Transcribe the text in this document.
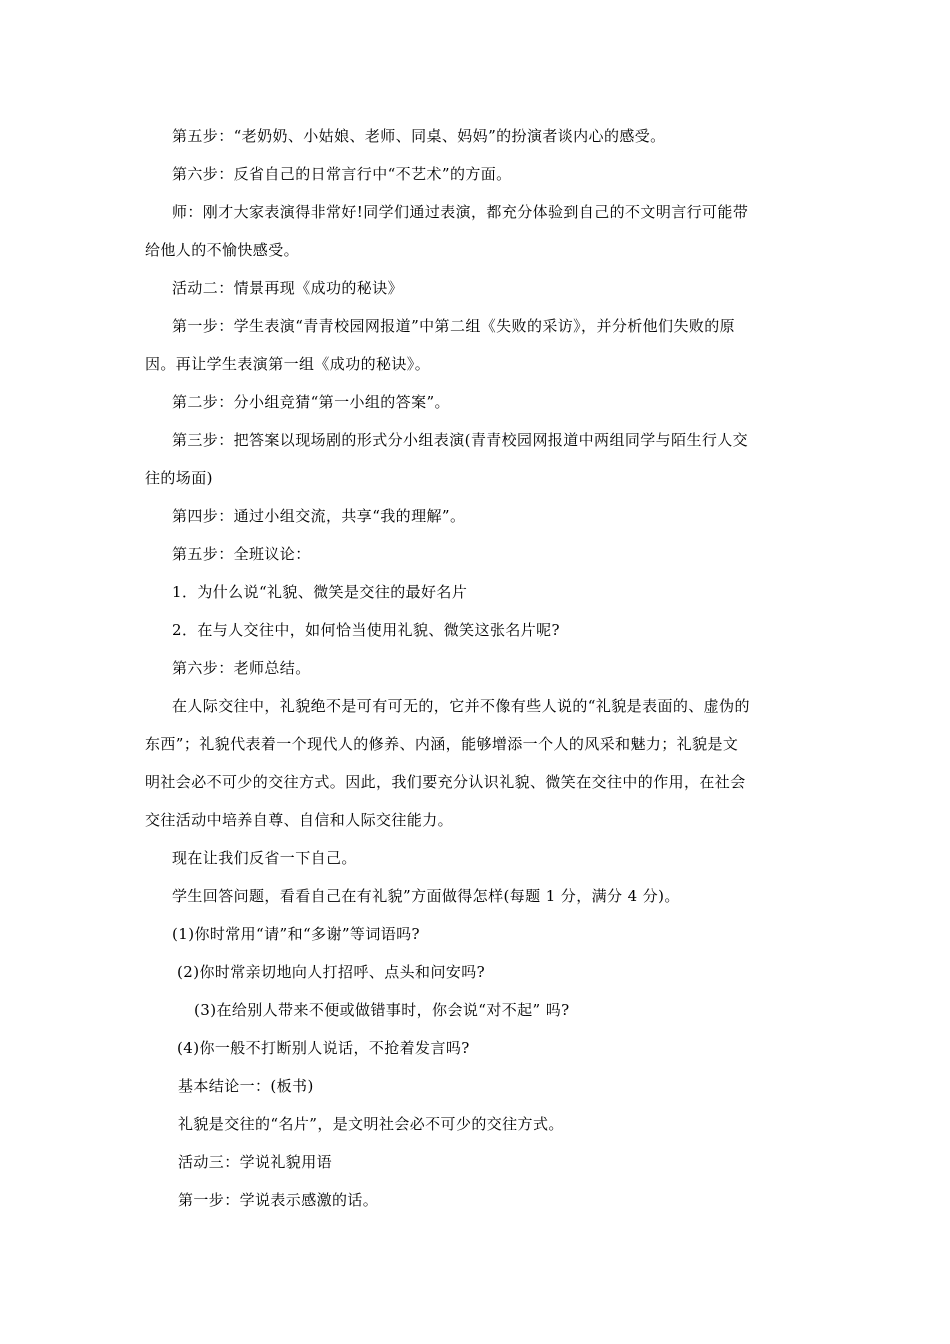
第五步：“老奶奶、小姑娘、老师、同桌、妈妈”的扮演者谈内心的感受。
第六步：反省自己的日常言行中“不艺术”的方面。
师：刚才大家表演得非常好!同学们通过表演，都充分体验到自己的不文明言行可能带
给他人的不愉快感受。
活动二：情景再现《成功的秘诀》
第一步：学生表演“青青校园网报道”中第二组《失败的采访》，并分析他们失败的原
因。再让学生表演第一组《成功的秘诀》。
第二步：分小组竞猜“第一小组的答案”。
第三步：把答案以现场剧的形式分小组表演(青青校园网报道中两组同学与陌生行人交
往的场面)
第四步：通过小组交流，共享“我的理解”。
第五步：全班议论：
1．为什么说“礼貌、微笑是交往的最好名片
2．在与人交往中，如何恰当使用礼貌、微笑这张名片呢?
第六步：老师总结。
在人际交往中，礼貌绝不是可有可无的，它并不像有些人说的“礼貌是表面的、虚伪的
东西”；礼貌代表着一个现代人的修养、内涵，能够增添一个人的风采和魅力；礼貌是文
明社会必不可少的交往方式。因此，我们要充分认识礼貌、微笑在交往中的作用，在社会
交往活动中培养自尊、自信和人际交往能力。
现在让我们反省一下自己。
学生回答问题，看看自己在有礼貌”方面做得怎样(每题 1 分，满分 4 分)。
(1)你时常用“请”和“多谢”等词语吗?
(2)你时常亲切地向人打招呼、点头和问安吗?
(3)在给别人带来不便或做错事时，你会说“对不起” 吗?
(4)你一般不打断别人说话，不抢着发言吗?
基本结论一：(板书)
礼貌是交往的“名片”，是文明社会必不可少的交往方式。
活动三：学说礼貌用语
第一步：学说表示感激的话。
